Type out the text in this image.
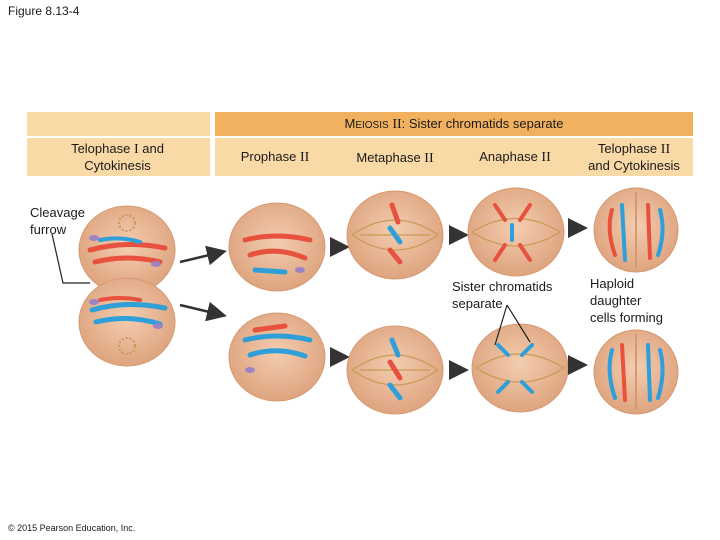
Figure 8.13-4
MEIOSIS II: Sister chromatids separate
Telophase I and
Cytokinesis
Prophase II	Metaphase II	Anaphase II
Telophase II
and Cytokinesis
Cleavage
furrow
Sister chromatids
separate
Haploid
daughter
cells forming
© 2015 Pearson Education, Inc.
